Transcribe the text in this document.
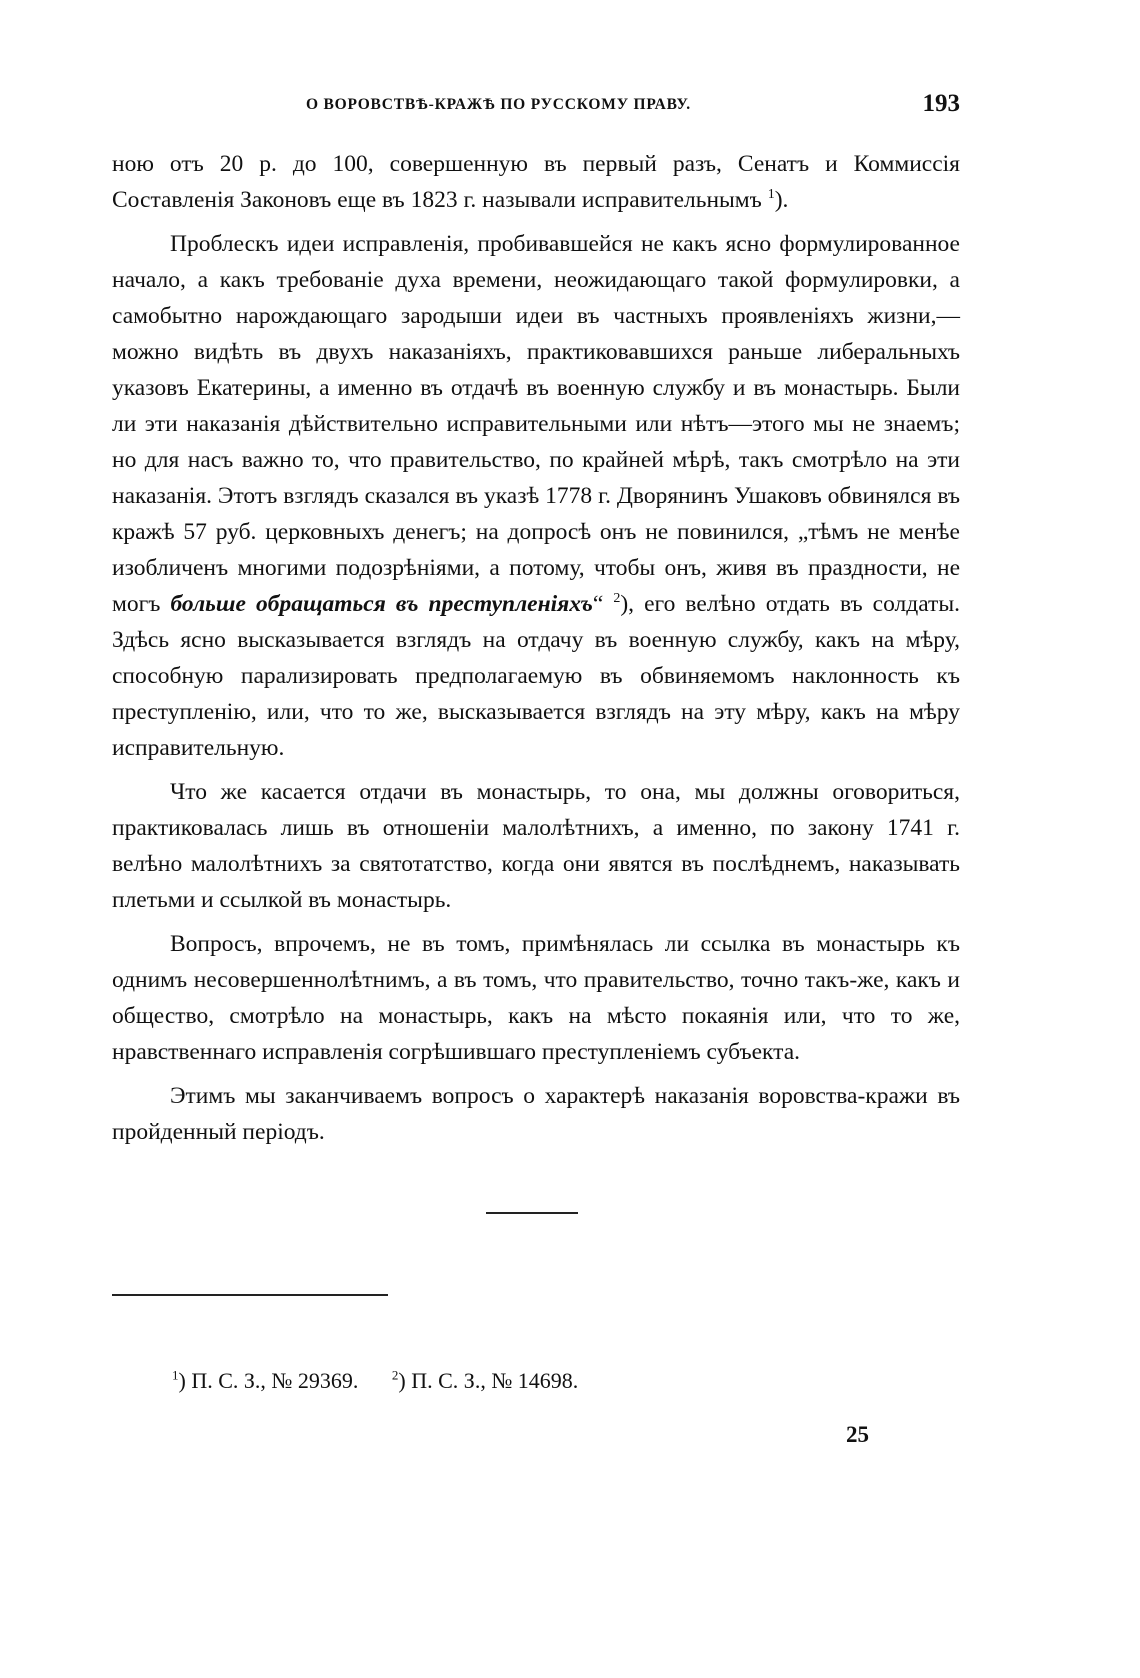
О ВОРОВСТВѢ-КРАЖѢ ПО РУССКОМУ ПРАВУ.	193

ною отъ 20 р. до 100, совершенную въ первый разъ, Сенатъ и Коммиссія Составленія Законовъ еще въ 1823 г. называли исправительнымъ $^1$).

Проблескъ идеи исправленія, пробивавшейся не какъ ясно формулированное начало, а какъ требованіе духа времени, неожидающаго такой формулировки, а самобытно нарождающаго зародыши идеи въ частныхъ проявленіяхъ жизни,—можно видѣть въ двухъ наказаніяхъ, практиковавшихся раньше либеральныхъ указовъ Екатерины, а именно въ отдачѣ въ военную службу и въ монастырь. Были ли эти наказанія дѣйствительно исправительными или нѣтъ—этого мы не знаемъ; но для насъ важно то, что правительство, по крайней мѣрѣ, такъ смотрѣло на эти наказанія. Этотъ взглядъ сказался въ указѣ 1778 г. Дворянинъ Ушаковъ обвинялся въ кражѣ 57 руб. церковныхъ денегъ; на допросѣ онъ не повинился, „тѣмъ не менѣе изобличенъ многими подозрѣніями, а потому, чтобы онъ, живя въ праздности, не могъ больше обращаться въ преступленіяхъ“ $^2$), его велѣно отдать въ солдаты. Здѣсь ясно высказывается взглядъ на отдачу въ военную службу, какъ на мѣру, способную парализировать предполагаемую въ обвиняемомъ наклонность къ преступленію, или, что то же, высказывается взглядъ на эту мѣру, какъ на мѣру исправительную.

Что же касается отдачи въ монастырь, то она, мы должны оговориться, практиковалась лишь въ отношеніи малолѣтнихъ, а именно, по закону 1741 г. велѣно малолѣтнихъ за святотатство, когда они явятся въ послѣднемъ, наказывать плетьми и ссылкой въ монастырь.

Вопросъ, впрочемъ, не въ томъ, примѣнялась ли ссылка въ монастырь къ однимъ несовершеннолѣтнимъ, а въ томъ, что правительство, точно такъ-же, какъ и общество, смотрѣло на монастырь, какъ на мѣсто покаянія или, что то же, нравственнаго исправленія согрѣшившаго преступленіемъ субъекта.

Этимъ мы заканчиваемъ вопросъ о характерѣ наказанія воровства-кражи въ пройденный періодъ.

$^1$) П. С. З., № 29369.	$^2$) П. С. З., № 14698.
25
